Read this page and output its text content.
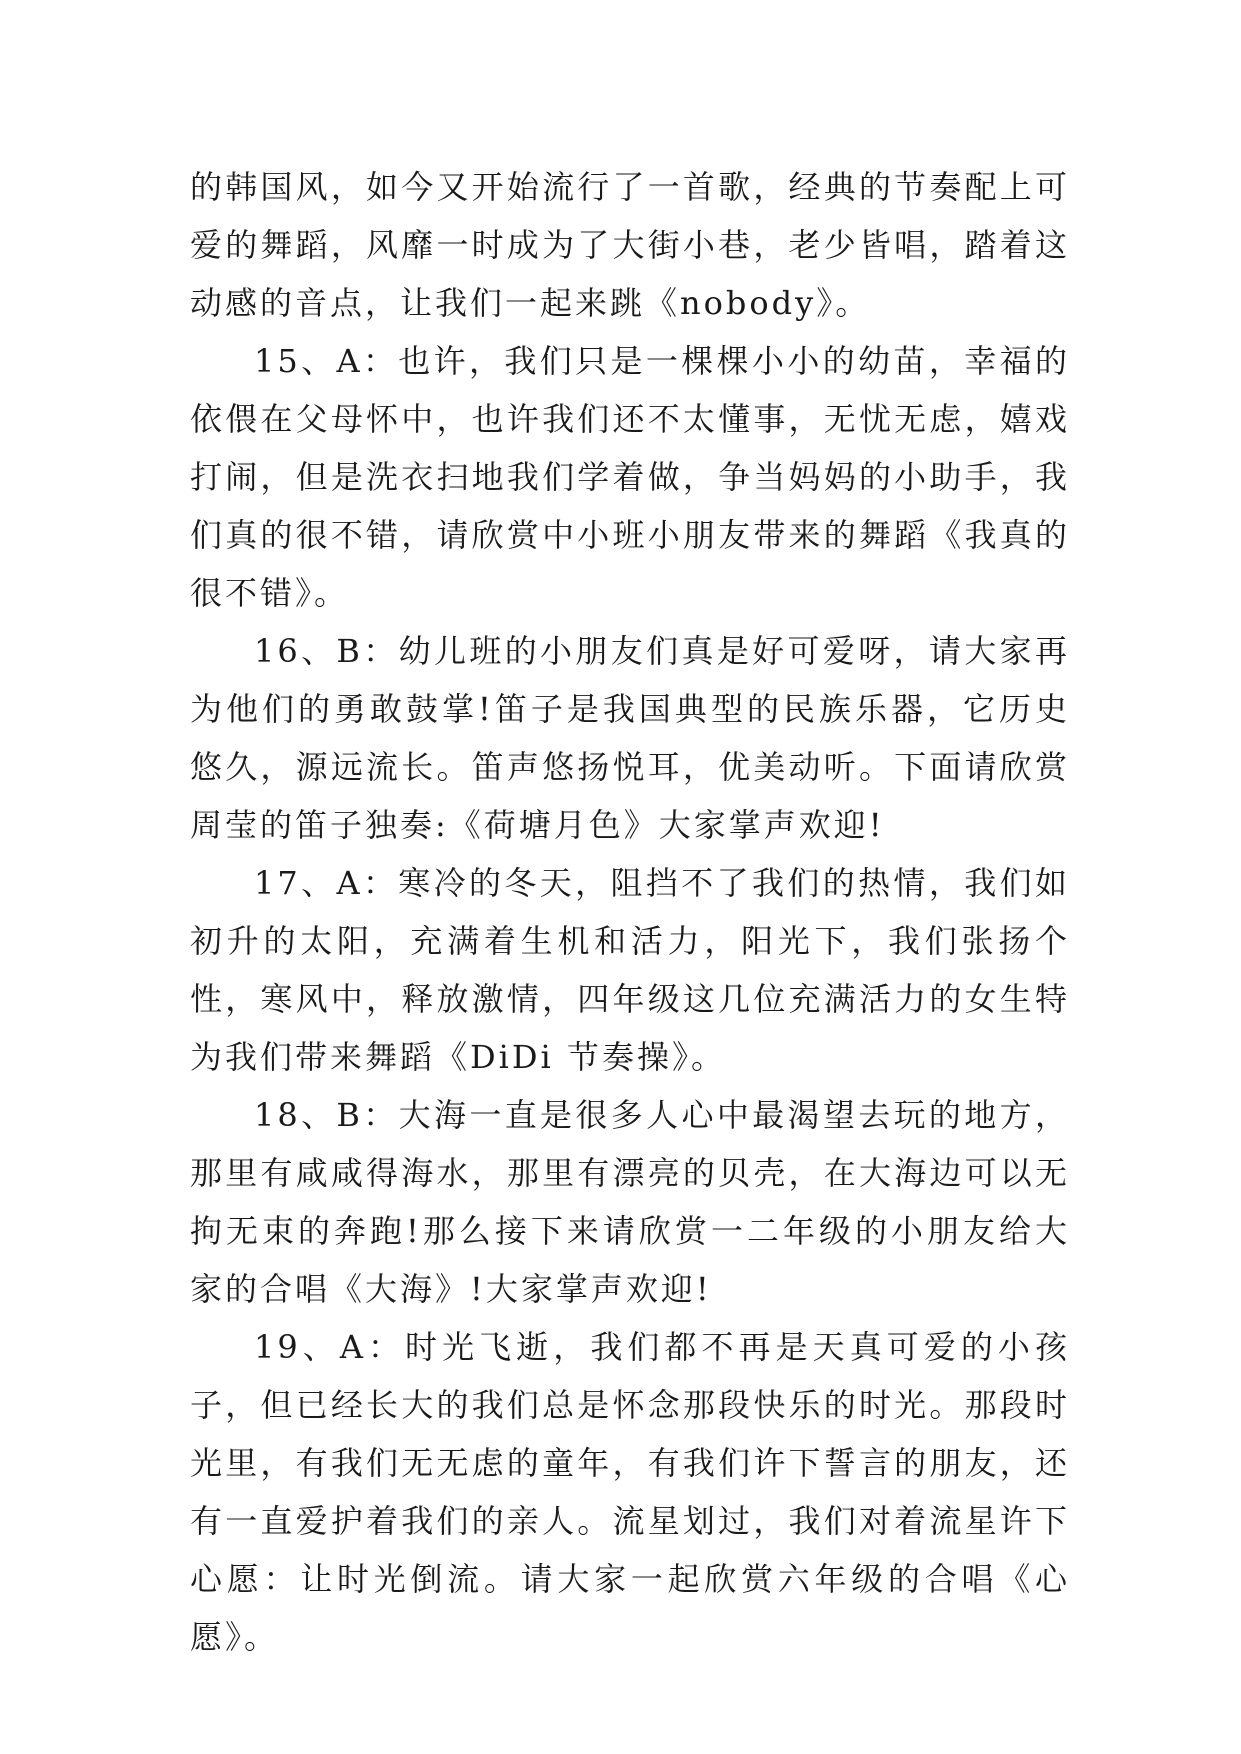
的韩国风，如今又开始流行了一首歌，经典的节奏配上可爱的舞蹈，风靡一时成为了大街小巷，老少皆唱，踏着这动感的音点，让我们一起来跳《nobody》。

15、A：也许，我们只是一棵棵小小的幼苗，幸福的依偎在父母怀中，也许我们还不太懂事，无忧无虑，嬉戏打闹，但是洗衣扫地我们学着做，争当妈妈的小助手，我们真的很不错，请欣赏中小班小朋友带来的舞蹈《我真的很不错》。

16、B：幼儿班的小朋友们真是好可爱呀，请大家再为他们的勇敢鼓掌!笛子是我国典型的民族乐器，它历史悠久，源远流长。笛声悠扬悦耳，优美动听。下面请欣赏周莹的笛子独奏:《荷塘月色》大家掌声欢迎!

17、A：寒冷的冬天，阻挡不了我们的热情，我们如初升的太阳，充满着生机和活力，阳光下，我们张扬个性，寒风中，释放激情，四年级这几位充满活力的女生特为我们带来舞蹈《DiDi 节奏操》。

18、B：大海一直是很多人心中最渴望去玩的地方，那里有咸咸得海水，那里有漂亮的贝壳，在大海边可以无拘无束的奔跑!那么接下来请欣赏一二年级的小朋友给大家的合唱《大海》!大家掌声欢迎!

19、A：时光飞逝，我们都不再是天真可爱的小孩子，但已经长大的我们总是怀念那段快乐的时光。那段时光里，有我们无无虑的童年，有我们许下誓言的朋友，还有一直爱护着我们的亲人。流星划过，我们对着流星许下心愿：让时光倒流。请大家一起欣赏六年级的合唱《心愿》。
